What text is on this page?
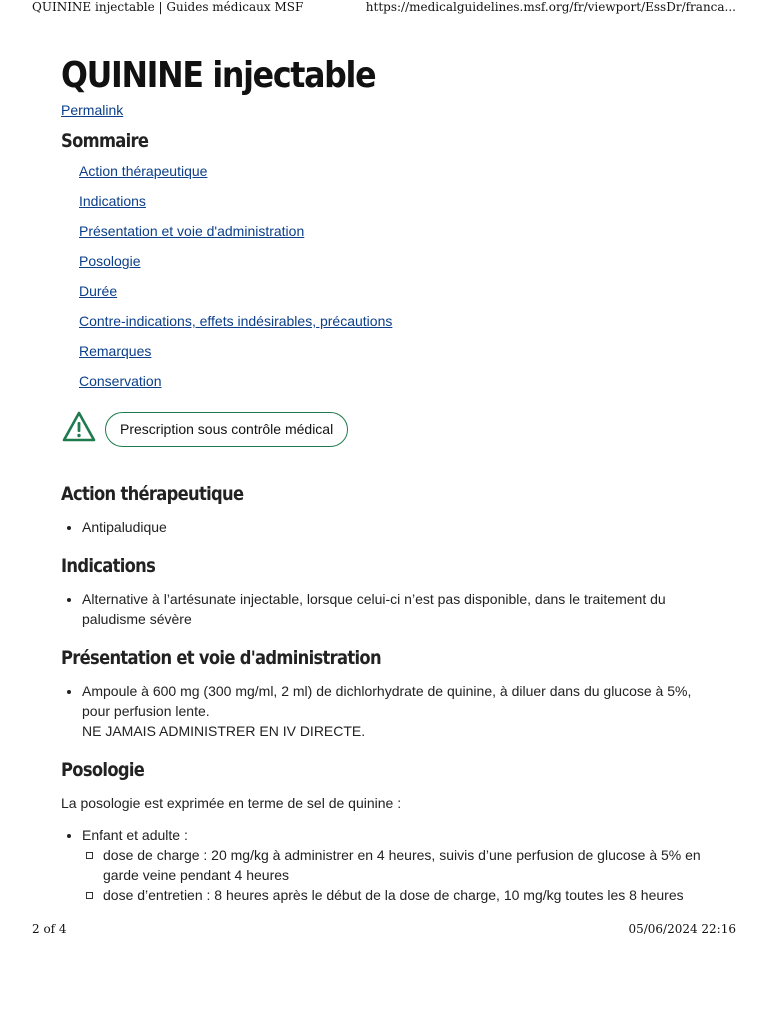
QUININE injectable | Guides médicaux MSF	https://medicalguidelines.msf.org/fr/viewport/EssDr/franca...
QUININE injectable
Permalink
Sommaire
Action thérapeutique
Indications
Présentation et voie d'administration
Posologie
Durée
Contre-indications, effets indésirables, précautions
Remarques
Conservation
Prescription sous contrôle médical
Action thérapeutique
• Antipaludique
Indications
• Alternative à l’artésunate injectable, lorsque celui-ci n’est pas disponible, dans le traitement du paludisme sévère
Présentation et voie d'administration
• Ampoule à 600 mg (300 mg/ml, 2 ml) de dichlorhydrate de quinine, à diluer dans du glucose à 5%, pour perfusion lente.
NE JAMAIS ADMINISTRER EN IV DIRECTE.
Posologie

La posologie est exprimée en terme de sel de quinine :

• Enfant et adulte :
dose de charge : 20 mg/kg à administrer en 4 heures, suivis d’une perfusion de glucose à 5% en garde veine pendant 4 heures
dose d’entretien : 8 heures après le début de la dose de charge, 10 mg/kg toutes les 8 heures
2 of 4	05/06/2024 22:16
